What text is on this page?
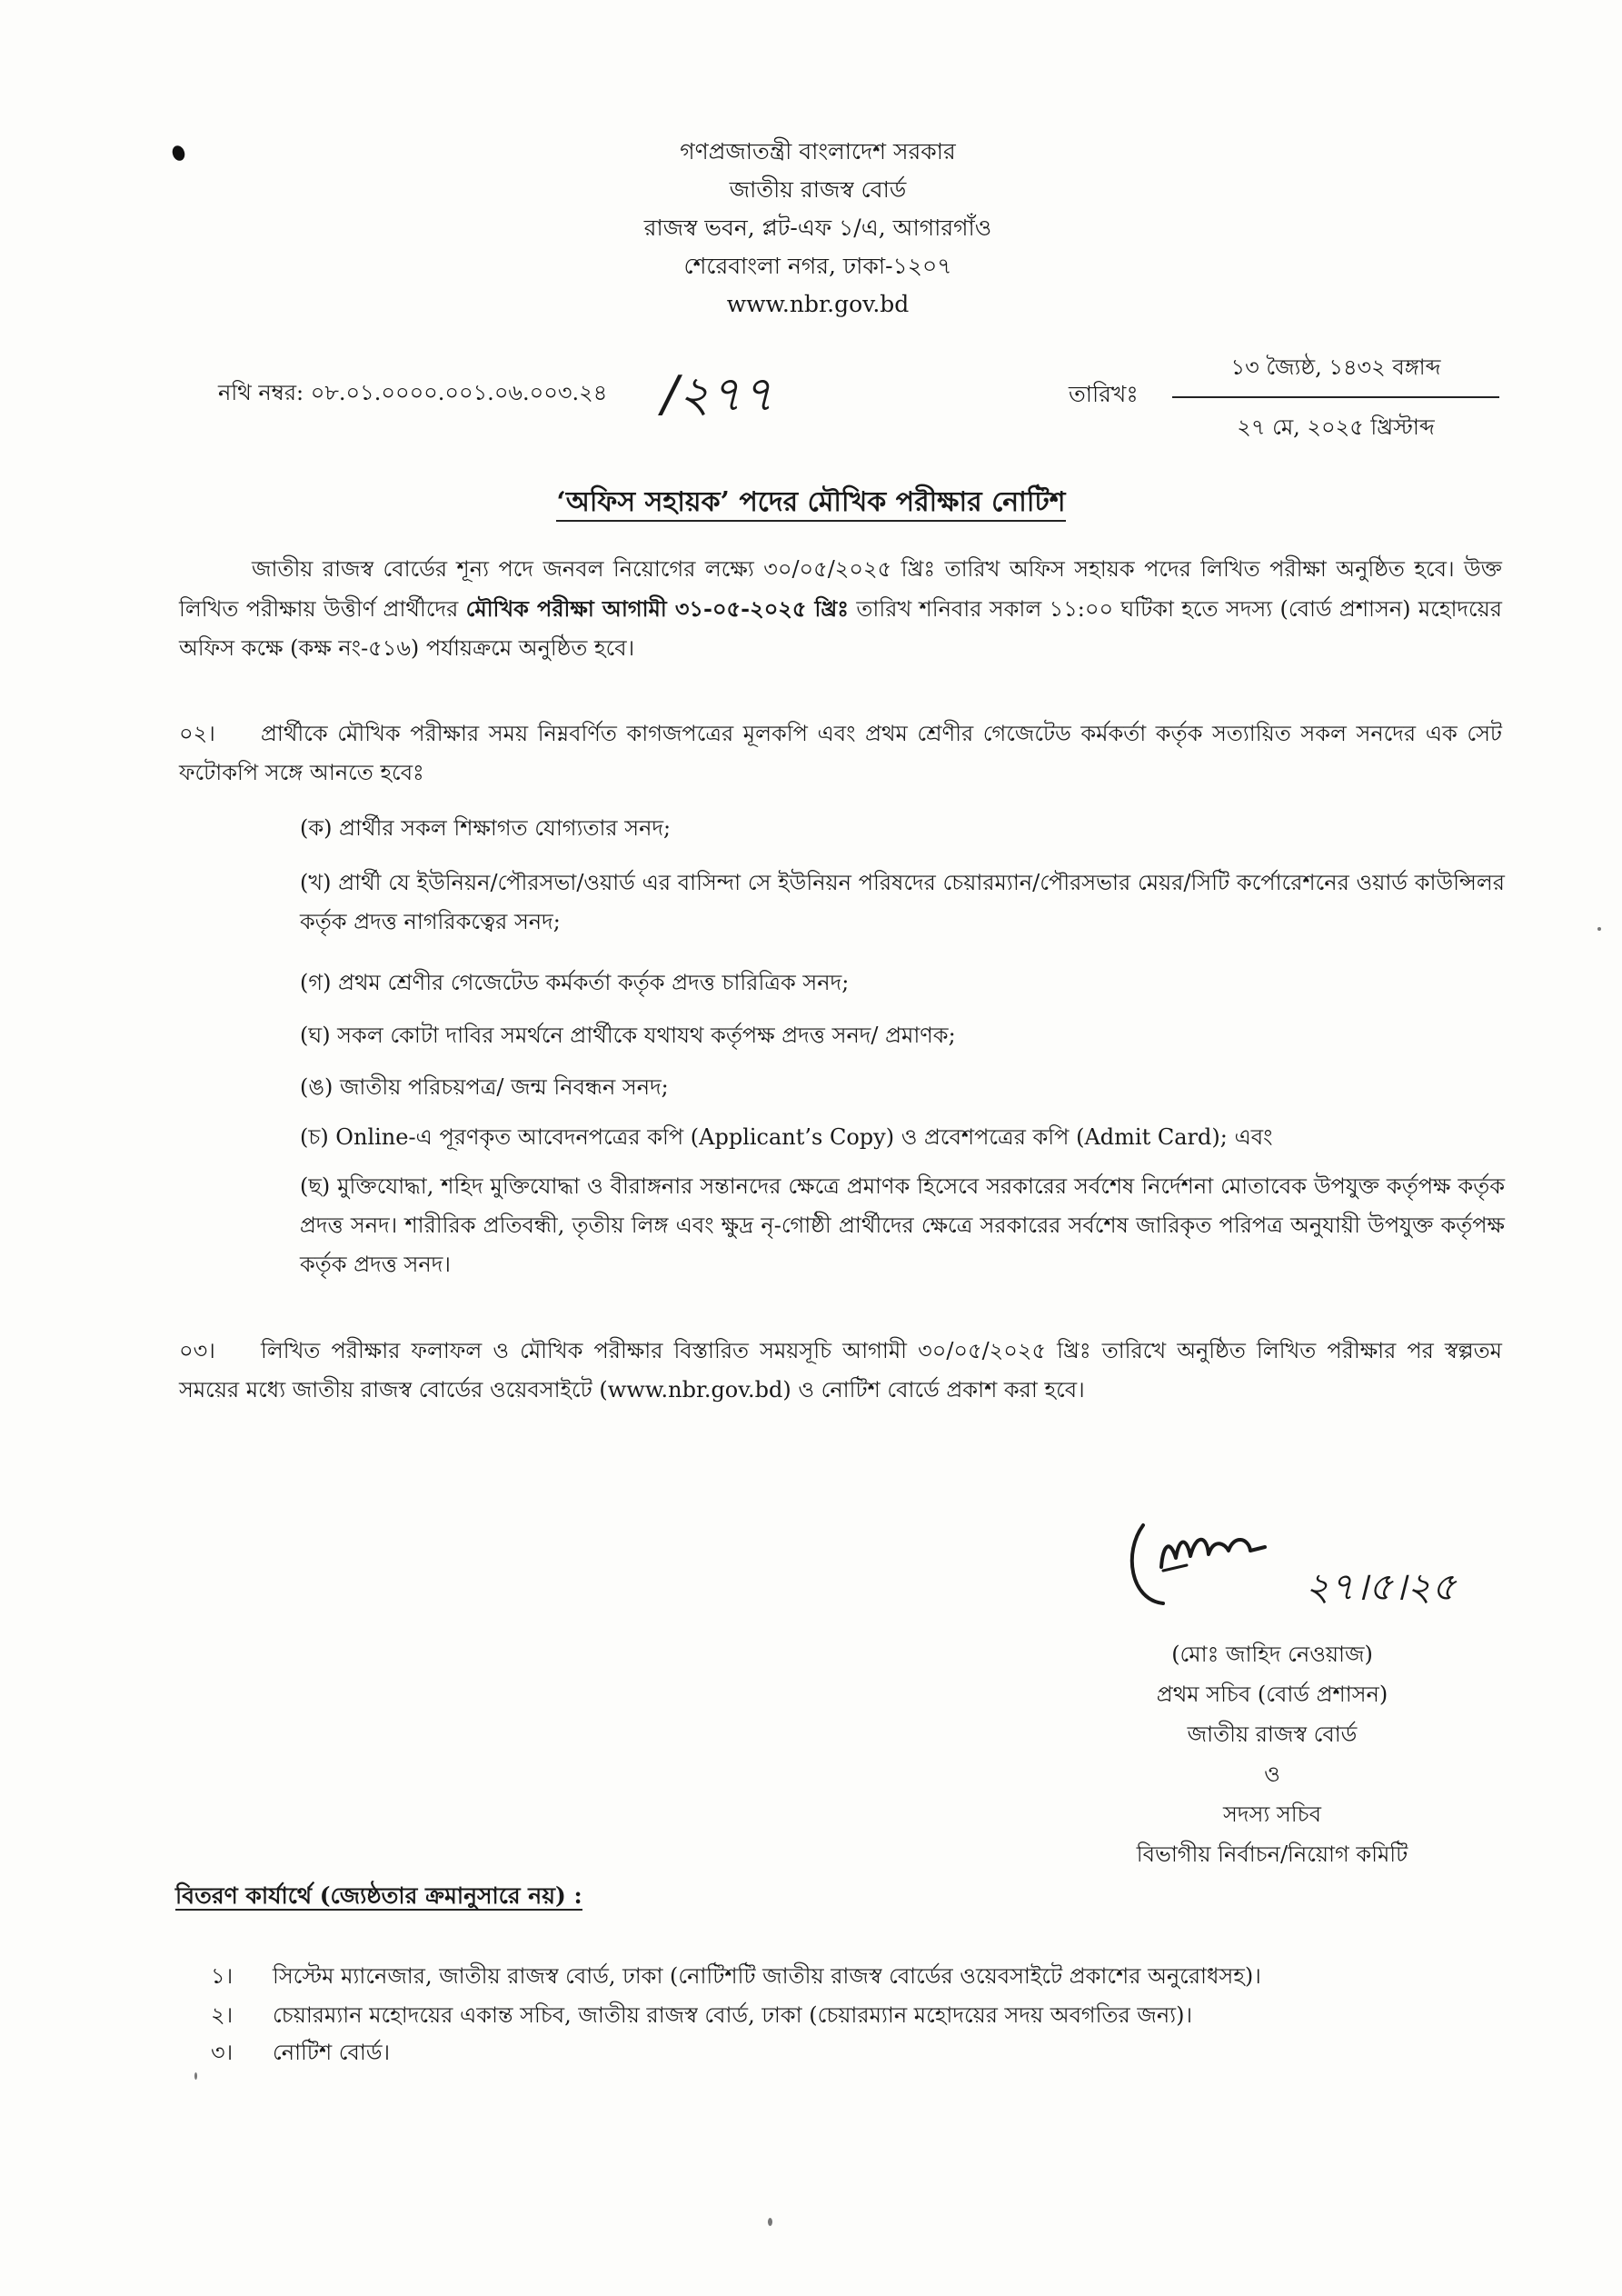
গণপ্রজাতন্ত্রী বাংলাদেশ সরকার
জাতীয় রাজস্ব বোর্ড
রাজস্ব ভবন, প্লট-এফ ১/এ, আগারগাঁও
শেরেবাংলা নগর, ঢাকা-১২০৭
www.nbr.gov.bd
নথি নম্বর: ০৮.০১.০০০০.০০১.০৬.০০৩.২৪ /২৭৭	তারিখঃ
১৩ জ্যৈষ্ঠ, ১৪৩২ বঙ্গাব্দ
২৭ মে, ২০২৫ খ্রিস্টাব্দ
‘অফিস সহায়ক’ পদের মৌখিক পরীক্ষার নোটিশ
জাতীয় রাজস্ব বোর্ডের শূন্য পদে জনবল নিয়োগের লক্ষ্যে ৩০/০৫/২০২৫ খ্রিঃ তারিখ অফিস সহায়ক পদের লিখিত পরীক্ষা অনুষ্ঠিত হবে। উক্ত লিখিত পরীক্ষায় উত্তীর্ণ প্রার্থীদের মৌখিক পরীক্ষা আগামী ৩১-০৫-২০২৫ খ্রিঃ তারিখ শনিবার সকাল ১১:০০ ঘটিকা হতে সদস্য (বোর্ড প্রশাসন) মহোদয়ের অফিস কক্ষে (কক্ষ নং-৫১৬) পর্যায়ক্রমে অনুষ্ঠিত হবে।
০২। প্রার্থীকে মৌখিক পরীক্ষার সময় নিম্নবর্ণিত কাগজপত্রের মূলকপি এবং প্রথম শ্রেণীর গেজেটেড কর্মকর্তা কর্তৃক সত্যায়িত সকল সনদের এক সেট ফটোকপি সঙ্গে আনতে হবেঃ
(ক) প্রার্থীর সকল শিক্ষাগত যোগ্যতার সনদ;
(খ) প্রার্থী যে ইউনিয়ন/পৌরসভা/ওয়ার্ড এর বাসিন্দা সে ইউনিয়ন পরিষদের চেয়ারম্যান/পৌরসভার মেয়র/সিটি কর্পোরেশনের ওয়ার্ড কাউন্সিলর কর্তৃক প্রদত্ত নাগরিকত্বের সনদ;
(গ) প্রথম শ্রেণীর গেজেটেড কর্মকর্তা কর্তৃক প্রদত্ত চারিত্রিক সনদ;
(ঘ) সকল কোটা দাবির সমর্থনে প্রার্থীকে যথাযথ কর্তৃপক্ষ প্রদত্ত সনদ/ প্রমাণক;
(ঙ) জাতীয় পরিচয়পত্র/ জন্ম নিবন্ধন সনদ;
(চ) Online-এ পূরণকৃত আবেদনপত্রের কপি (Applicant’s Copy) ও প্রবেশপত্রের কপি (Admit Card); এবং
(ছ) মুক্তিযোদ্ধা, শহিদ মুক্তিযোদ্ধা ও বীরাঙ্গনার সন্তানদের ক্ষেত্রে প্রমাণক হিসেবে সরকারের সর্বশেষ নির্দেশনা মোতাবেক উপযুক্ত কর্তৃপক্ষ কর্তৃক প্রদত্ত সনদ। শারীরিক প্রতিবন্ধী, তৃতীয় লিঙ্গ এবং ক্ষুদ্র নৃ-গোষ্ঠী প্রার্থীদের ক্ষেত্রে সরকারের সর্বশেষ জারিকৃত পরিপত্র অনুযায়ী উপযুক্ত কর্তৃপক্ষ কর্তৃক প্রদত্ত সনদ।
০৩। লিখিত পরীক্ষার ফলাফল ও মৌখিক পরীক্ষার বিস্তারিত সময়সূচি আগামী ৩০/০৫/২০২৫ খ্রিঃ তারিখে অনুষ্ঠিত লিখিত পরীক্ষার পর স্বল্পতম সময়ের মধ্যে জাতীয় রাজস্ব বোর্ডের ওয়েবসাইটে (www.nbr.gov.bd) ও নোটিশ বোর্ডে প্রকাশ করা হবে।
২৭।৫।২৫
(মোঃ জাহিদ নেওয়াজ)
প্রথম সচিব (বোর্ড প্রশাসন)
জাতীয় রাজস্ব বোর্ড
ও
সদস্য সচিব
বিভাগীয় নির্বাচন/নিয়োগ কমিটি
বিতরণ কার্যার্থে (জ্যেষ্ঠতার ক্রমানুসারে নয়) :
১। সিস্টেম ম্যানেজার, জাতীয় রাজস্ব বোর্ড, ঢাকা (নোটিশটি জাতীয় রাজস্ব বোর্ডের ওয়েবসাইটে প্রকাশের অনুরোধসহ)।
২। চেয়ারম্যান মহোদয়ের একান্ত সচিব, জাতীয় রাজস্ব বোর্ড, ঢাকা (চেয়ারম্যান মহোদয়ের সদয় অবগতির জন্য)।
৩। নোটিশ বোর্ড।
